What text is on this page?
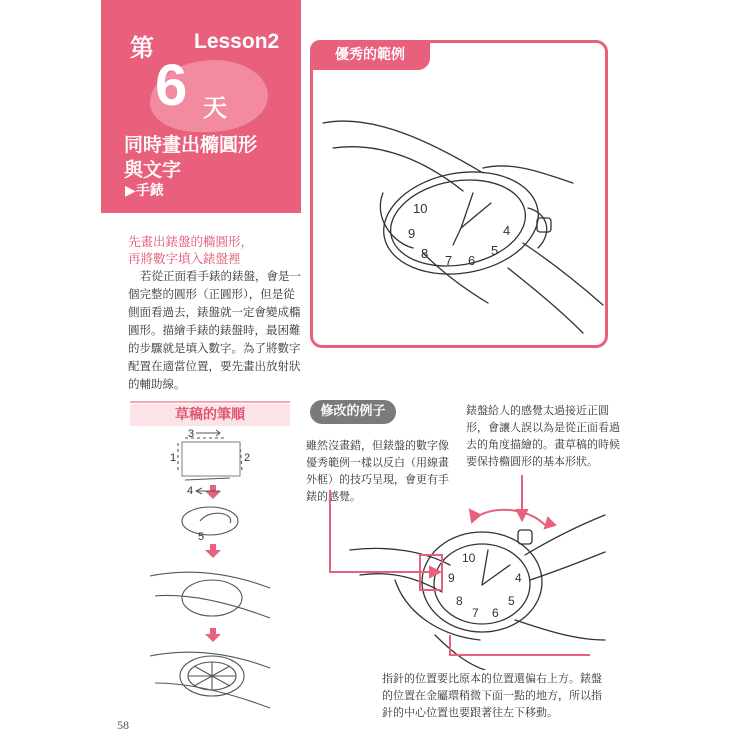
第 Lesson2
6 天
同時畫出橢圓形
與文字
▶手錶
先畫出錶盤的橢圓形，
再將數字填入錶盤裡
若從正面看手錶的錶盤，會是一
個完整的圓形（正圓形），但是從
側面看過去，錶盤就一定會變成橢
圓形。描繪手錶的錶盤時，最困難
的步驟就是填入數字。為了將數字
配置在適當位置，要先畫出放射狀
的輔助線。
10
9
8 7 6
5
4
優秀的範例
草稿的筆順
3
1	2
4
5
修改的例子
雖然沒畫錯，但錶盤的數字像
優秀範例一樣以反白（用線畫
外框）的技巧呈現，會更有手
錶的感覺。
錶盤給人的感覺太過接近正圓
形，會讓人誤以為是從正面看過
去的角度描繪的。畫草稿的時候
要保持橢圓形的基本形狀。
9
8
7 6
5
4
10
指針的位置要比原本的位置還偏右上方。錶盤
的位置在金屬環稍微下面一點的地方，所以指
針的中心位置也要跟著往左下移動。
58
